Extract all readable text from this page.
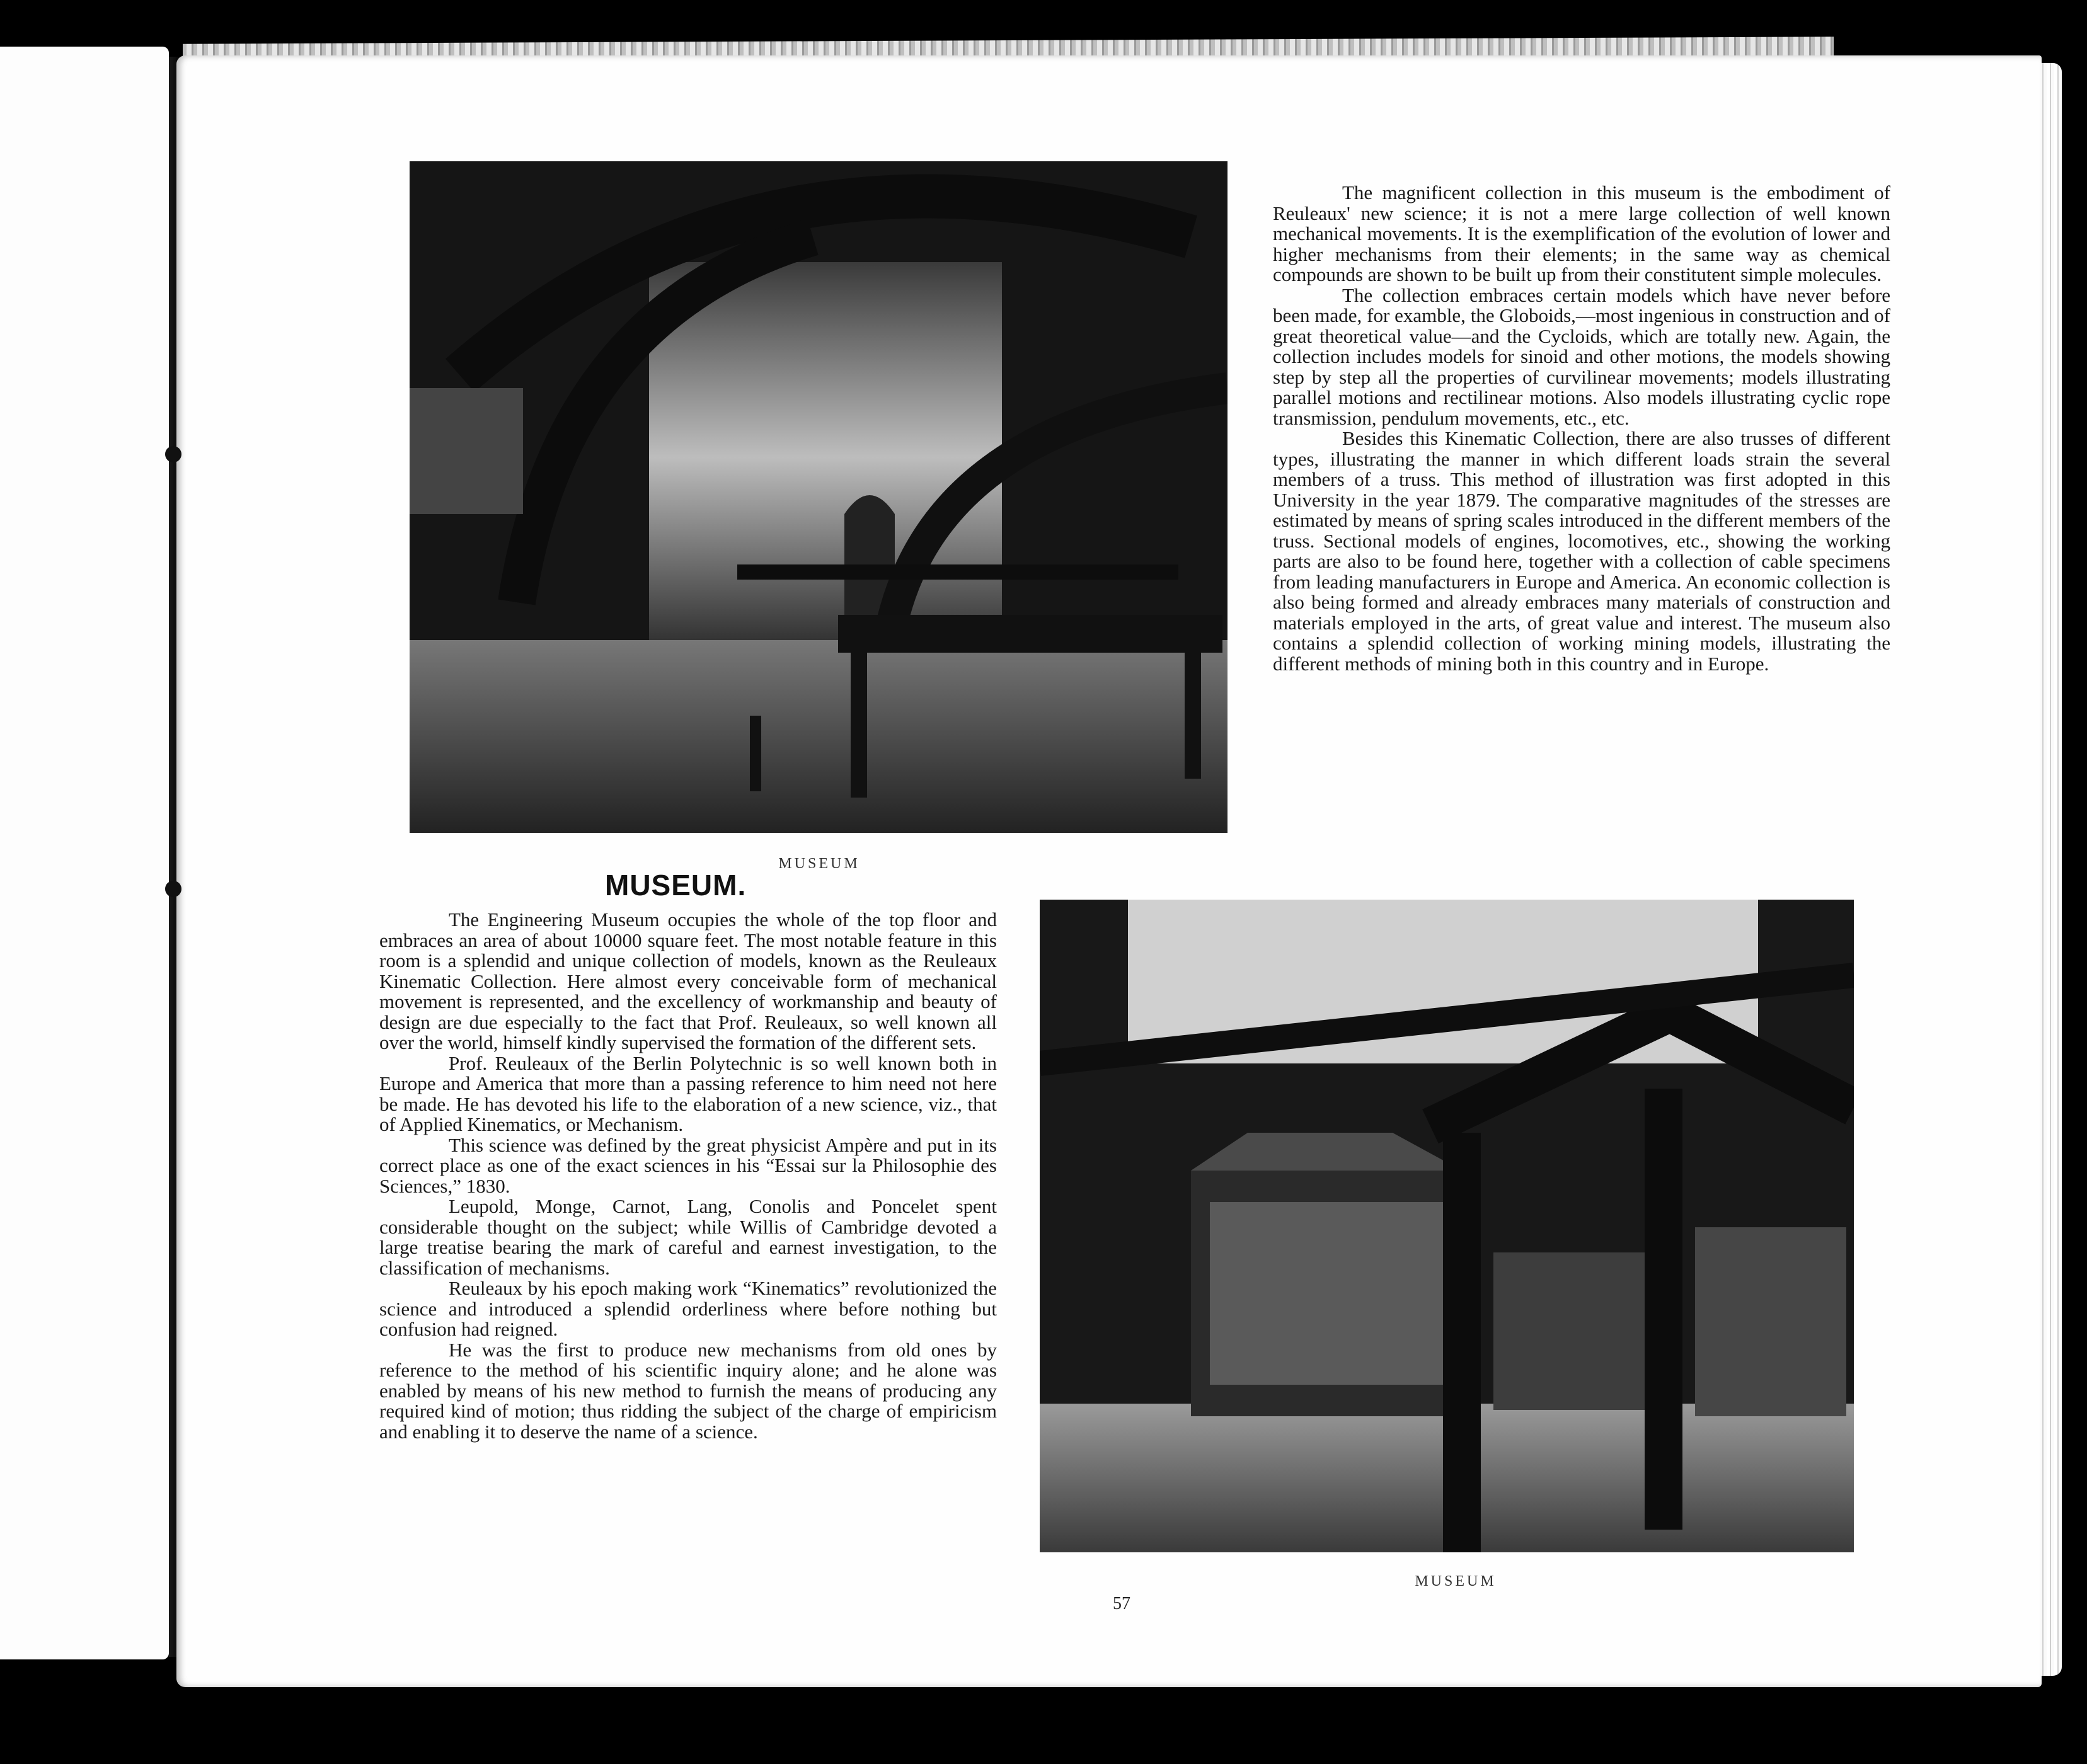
MUSEUM
MUSEUM
MUSEUM.

The magnificent collection in this museum is the embodiment of Reuleaux' new science; it is not a mere large collection of well known mechanical movements. It is the exemplification of the evolution of lower and higher mechanisms from their elements; in the same way as chemical compounds are shown to be built up from their constitutent simple molecules.

The collection embraces certain models which have never before been made, for examble, the Globoids,—most ingenious in construction and of great theoretical value—and the Cycloids, which are totally new. Again, the collection includes models for sinoid and other motions, the models showing step by step all the properties of curvilinear movements; models illustrating parallel motions and rectilinear motions. Also models illustrating cyclic rope transmission, pendulum movements, etc., etc.

Besides this Kinematic Collection, there are also trusses of different types, illustrating the manner in which different loads strain the several members of a truss. This method of illustration was first adopted in this University in the year 1879. The comparative magnitudes of the stresses are estimated by means of spring scales introduced in the different members of the truss. Sectional models of engines, locomotives, etc., showing the working parts are also to be found here, together with a collection of cable specimens from leading manufacturers in Europe and America. An economic collection is also being formed and already embraces many materials of construction and materials employed in the arts, of great value and interest. The museum also contains a splendid collection of working mining models, illustrating the different methods of mining both in this country and in Europe.

The Engineering Museum occupies the whole of the top floor and embraces an area of about 10000 square feet. The most notable feature in this room is a splendid and unique collection of models, known as the Reuleaux Kinematic Collection. Here almost every conceivable form of mechanical movement is represented, and the excellency of workmanship and beauty of design are due especially to the fact that Prof. Reuleaux, so well known all over the world, himself kindly supervised the formation of the different sets.

Prof. Reuleaux of the Berlin Polytechnic is so well known both in Europe and America that more than a passing reference to him need not here be made. He has devoted his life to the elaboration of a new science, viz., that of Applied Kinematics, or Mechanism.

This science was defined by the great physicist Ampère and put in its correct place as one of the exact sciences in his “Essai sur la Philosophie des Sciences,” 1830.

Leupold, Monge, Carnot, Lang, Conolis and Poncelet spent considerable thought on the subject; while Willis of Cambridge devoted a large treatise bearing the mark of careful and earnest investigation, to the classification of mechanisms.

Reuleaux by his epoch making work “Kinematics” revolutionized the science and introduced a splendid orderliness where before nothing but confusion had reigned.

He was the first to produce new mechanisms from old ones by reference to the method of his scientific inquiry alone; and he alone was enabled by means of his new method to furnish the means of producing any required kind of motion; thus ridding the subject of the charge of empiricism and enabling it to deserve the name of a science.

57
